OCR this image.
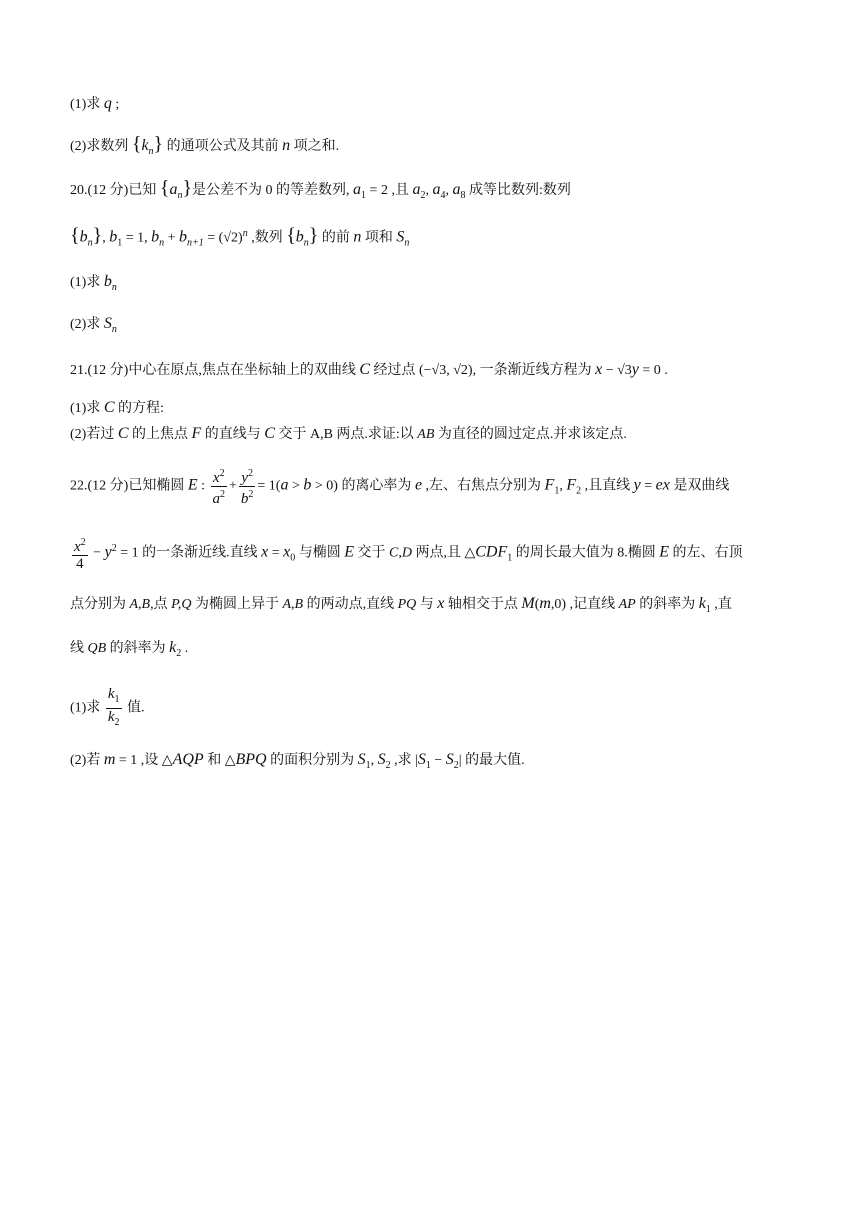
(1)求 q ;
(2)求数列 $\{k_n\}$ 的通项公式及其前 n 项之和.
20.(12 分)已知 $\{a_n\}$是公差不为 0 的等差数列, $a_1 = 2$ ,且 $a_2$, $a_4$, $a_8$ 成等比数列:数列
$\{b_n\}$, $b_1 = 1$, $b_n + b_{n+1} = (√2)^n$ ,数列 $\{b_n\}$ 的前 n 项和 $S_n$
(1)求 $b_n$
(2)求 $S_n$
21.(12 分)中心在原点,焦点在坐标轴上的双曲线 C 经过点 (−√3, √2), 一条渐近线方程为 x − √3y = 0 .
(1)求 C 的方程:
(2)若过 C 的上焦点 F 的直线与 C 交于 A,B 两点.求证:以 AB 为直径的圆过定点.并求该定点.
22.(12 分)已知椭圆 E : $\frac{x^2}{a^2} + \frac{y^2}{b^2} = 1(a > b > 0)$ 的离心率为 e ,左、右焦点分别为 $F_1$, $F_2$ ,且直线 y = ex 是双曲线
$\frac{x^2}{4} - y^2 = 1$ 的一条渐近线.直线 $x = x_0$ 与椭圆 E 交于 C,D 两点,且 $\triangle CDF_1$ 的周长最大值为 8.椭圆 E 的左、右顶
点分别为 A,B,点 P,Q 为椭圆上异于 A,B 的两动点,直线 PQ 与 x 轴相交于点 M(m,0) ,记直线 AP 的斜率为 $k_1$ ,直
线 QB 的斜率为 $k_2$ .
(1)求 $\frac{k_1}{k_2}$ 值.
(2)若 m = 1 ,设 △AQP 和 △BPQ 的面积分别为 $S_1$, $S_2$ ,求 $|S_1 - S_2|$ 的最大值.
